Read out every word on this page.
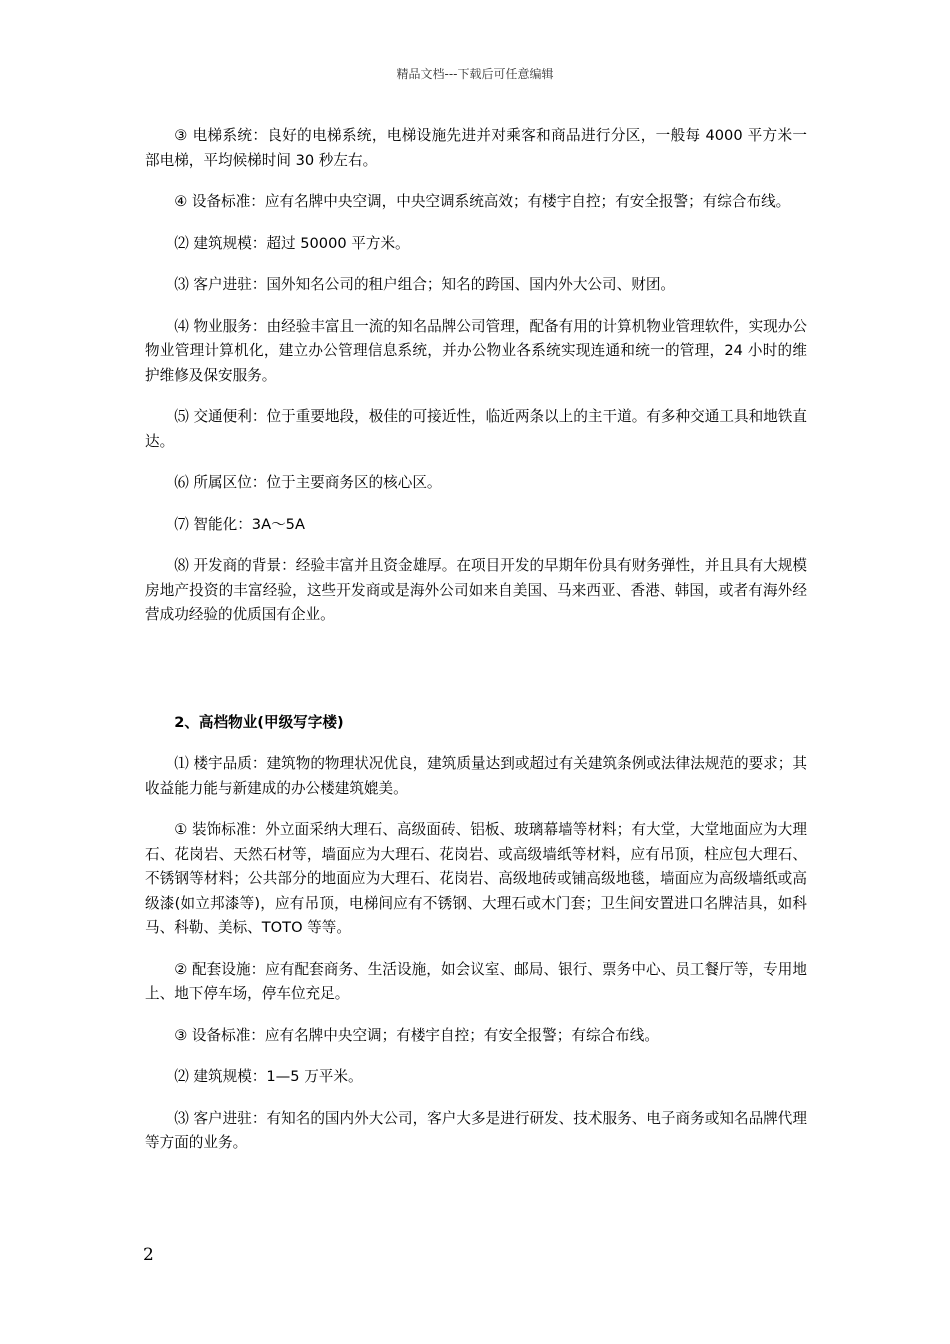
精品文档---下载后可任意编辑

③ 电梯系统：良好的电梯系统，电梯设施先进并对乘客和商品进行分区，一般每 4000 平方米一部电梯，平均候梯时间 30 秒左右。

④ 设备标准：应有名牌中央空调，中央空调系统高效；有楼宇自控；有安全报警；有综合布线。

⑵ 建筑规模：超过 50000 平方米。

⑶ 客户进驻：国外知名公司的租户组合；知名的跨国、国内外大公司、财团。

⑷ 物业服务：由经验丰富且一流的知名品牌公司管理，配备有用的计算机物业管理软件，实现办公物业管理计算机化，建立办公管理信息系统，并办公物业各系统实现连通和统一的管理，24 小时的维护维修及保安服务。

⑸ 交通便利：位于重要地段，极佳的可接近性，临近两条以上的主干道。有多种交通工具和地铁直达。

⑹ 所属区位：位于主要商务区的核心区。

⑺ 智能化：3A～5A

⑻ 开发商的背景：经验丰富并且资金雄厚。在项目开发的早期年份具有财务弹性，并且具有大规模房地产投资的丰富经验，这些开发商或是海外公司如来自美国、马来西亚、香港、韩国，或者有海外经营成功经验的优质国有企业。

2、高档物业(甲级写字楼)

⑴ 楼宇品质：建筑物的物理状况优良，建筑质量达到或超过有关建筑条例或法律法规范的要求；其收益能力能与新建成的办公楼建筑媲美。

① 装饰标准：外立面采纳大理石、高级面砖、铝板、玻璃幕墙等材料；有大堂，大堂地面应为大理石、花岗岩、天然石材等，墙面应为大理石、花岗岩、或高级墙纸等材料，应有吊顶，柱应包大理石、不锈钢等材料；公共部分的地面应为大理石、花岗岩、高级地砖或铺高级地毯，墙面应为高级墙纸或高级漆(如立邦漆等)，应有吊顶，电梯间应有不锈钢、大理石或木门套；卫生间安置进口名牌洁具，如科马、科勒、美标、TOTO 等等。

② 配套设施：应有配套商务、生活设施，如会议室、邮局、银行、票务中心、员工餐厅等，专用地上、地下停车场，停车位充足。

③ 设备标准：应有名牌中央空调；有楼宇自控；有安全报警；有综合布线。

⑵ 建筑规模：1—5 万平米。

⑶ 客户进驻：有知名的国内外大公司，客户大多是进行研发、技术服务、电子商务或知名品牌代理等方面的业务。

2
